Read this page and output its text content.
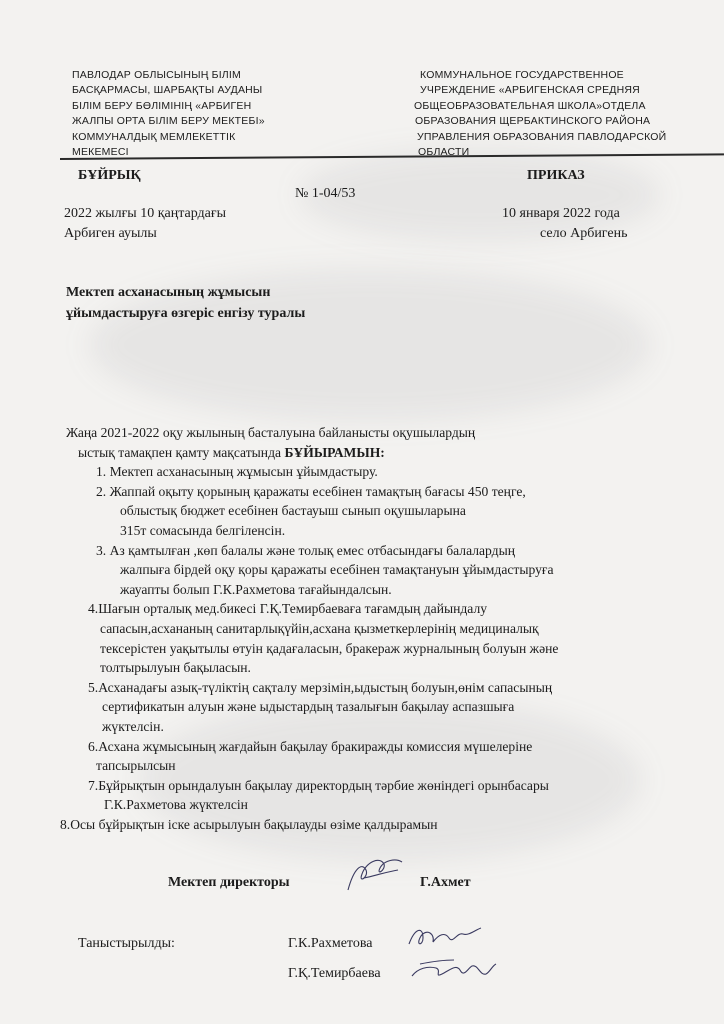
ПАВЛОДАР ОБЛЫСЫНЫҢ БІЛІМ
БАСҚАРМАСЫ, ШАРБАҚТЫ АУДАНЫ
БІЛІМ БЕРУ БӨЛІМІНІҢ «АРБИГЕН
ЖАЛПЫ ОРТА БІЛІМ БЕРУ МЕКТЕБІ»
КОММУНАЛДЫҚ МЕМЛЕКЕТТІК
МЕКЕМЕСІ
КОММУНАЛЬНОЕ ГОСУДАРСТВЕННОЕ
УЧРЕЖДЕНИЕ «АРБИГЕНСКАЯ СРЕДНЯЯ
ОБЩЕОБРАЗОВАТЕЛЬНАЯ ШКОЛА»ОТДЕЛА
ОБРАЗОВАНИЯ ЩЕРБАКТИНСКОГО РАЙОНА
УПРАВЛЕНИЯ ОБРАЗОВАНИЯ ПАВЛОДАРСКОЙ
ОБЛАСТИ
БҰЙРЫҚ	ПРИКАЗ
№ 1-04/53
2022 жылғы 10 қаңтардағы	10 января 2022 года
Арбиген ауылы	село Арбигень
Мектеп асханасының жұмысын
ұйымдастыруға өзгеріс енгізу туралы
Жаңа 2021-2022 оқу жылының басталуына байланысты оқушылардың
ыстық тамақпен қамту мақсатында БҰЙЫРАМЫН:
1. Мектеп асханасының жұмысын ұйымдастыру.
2. Жаппай оқыту қорының қаражаты есебінен тамақтың бағасы 450 теңге,
облыстық бюджет есебінен бастауыш сынып оқушыларына
315т сомасында белгіленсін.
3. Аз қамтылған ,көп балалы және толық емес отбасындағы балалардың
жалпыға бірдей оқу қоры қаражаты есебінен тамақтануын ұйымдастыруға
жауапты болып Г.К.Рахметова тағайындалсын.
4.Шағын орталық мед.бикесі Г.Қ.Темирбаеваға тағамдың дайындалу
сапасын,асхананың санитарлықүйін,асхана қызметкерлерінің медициналық
тексерістен уақытылы өтуін қадағаласын, бракераж журналының болуын және
толтырылуын бақыласын.
5.Асханадағы азық-түліктің сақталу мерзімін,ыдыстың болуын,өнім сапасының
сертификатын алуын және ыдыстардың тазалығын бақылау аспазшыға
жүктелсін.
6.Асхана жұмысының жағдайын бақылау бракиражды комиссия мүшелеріне
тапсырылсын
7.Бұйрықтын орындалуын бақылау директордың тәрбие жөніндегі орынбасары
Г.К.Рахметова жүктелсін
8.Осы бұйрықтын іске асырылуын бақылауды өзіме қалдырамын
Мектеп директоры	Г.Ахмет
Таныстырылды:	Г.К.Рахметова
Г.Қ.Темирбаева
